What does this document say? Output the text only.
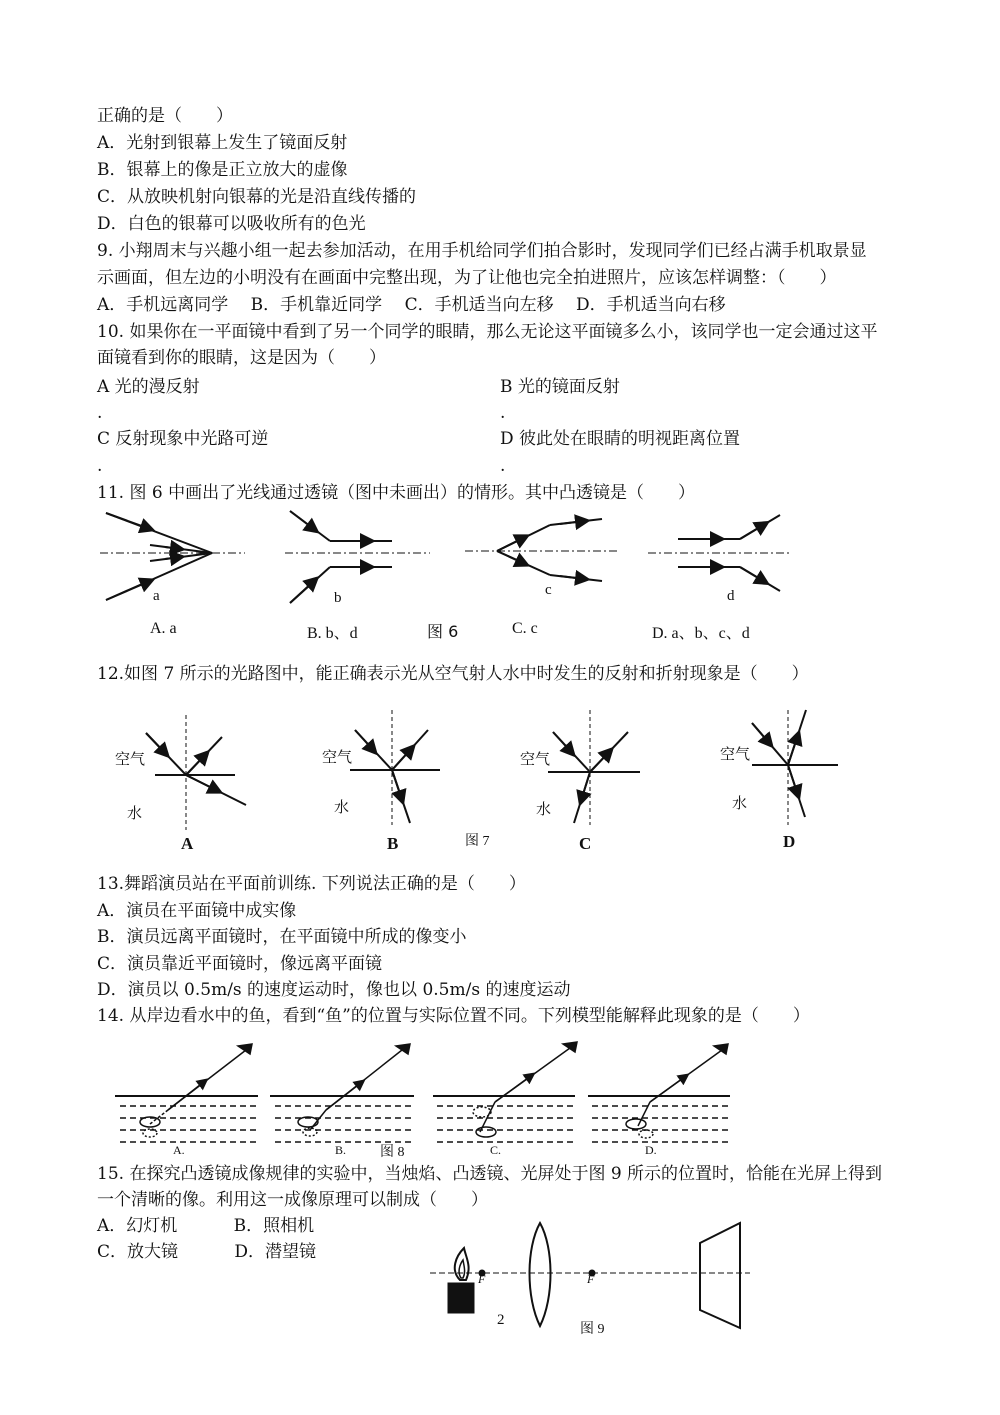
正确的是（　　）
A．光射到银幕上发生了镜面反射
B．银幕上的像是正立放大的虚像
C．从放映机射向银幕的光是沿直线传播的
D．白色的银幕可以吸收所有的色光
9. 小翔周末与兴趣小组一起去参加活动，在用手机给同学们拍合影时，发现同学们已经占满手机取景显
示画面，但左边的小明没有在画面中完整出现，为了让他也完全拍进照片，应该怎样调整：（　　）
A．手机远离同学　 B．手机靠近同学　 C．手机适当向左移　 D．手机适当向右移
10. 如果你在一平面镜中看到了另一个同学的眼睛，那么无论这平面镜多么小，该同学也一定会通过这平
面镜看到你的眼睛，这是因为（　　）
A 光的漫反射	B 光的镜面反射
.	.
C 反射现象中光路可逆	D 彼此处在眼睛的明视距离位置
.	.
11. 图 6 中画出了光线通过透镜（图中未画出）的情形。其中凸透镜是（　　）
a	b	c	d
A. a	B. b、d	图 6	C. c	D. a、b、c、d
12.如图 7 所示的光路图中，能正确表示光从空气射人水中时发生的反射和折射现象是（　　）
空气
水
空气
水
空气
水
空气
水
A	B	图 7	C	D
13.舞蹈演员站在平面前训练. 下列说法正确的是（　　）
A．演员在平面镜中成实像
B．演员远离平面镜时，在平面镜中所成的像变小
C．演员靠近平面镜时，像远离平面镜
D．演员以 0.5m/s 的速度运动时，像也以 0.5m/s 的速度运动
14. 从岸边看水中的鱼，看到“鱼”的位置与实际位置不同。下列模型能解释此现象的是（　　）
A.	B. 图 8	C.	D.
15. 在探究凸透镜成像规律的实验中，当烛焰、凸透镜、光屏处于图 9 所示的位置时，恰能在光屏上得到
一个清晰的像。利用这一成像原理可以制成（　　）
A．幻灯机　　　 B．照相机
C．放大镜　　　 D．潜望镜
F	F
2
图 9
